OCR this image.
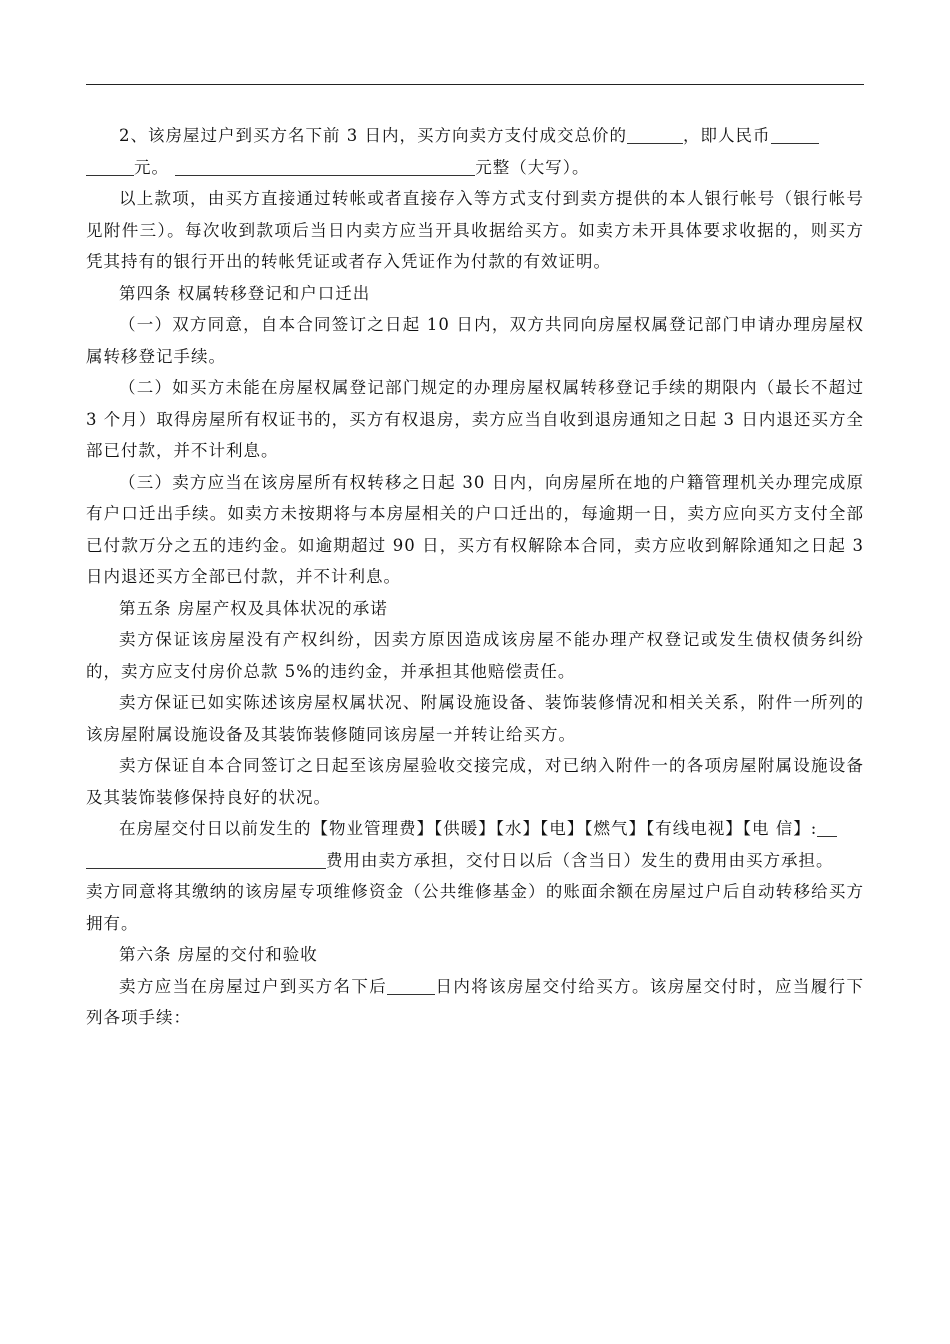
2、该房屋过户到买方名下前 3 日内，买方向卖方支付成交总价的	，即人民币

元。	元整（大写）。

以上款项，由买方直接通过转帐或者直接存入等方式支付到卖方提供的本人银行帐号（银行帐号见附件三）。每次收到款项后当日内卖方应当开具收据给买方。如卖方未开具体要求收据的，则买方凭其持有的银行开出的转帐凭证或者存入凭证作为付款的有效证明。

第四条 权属转移登记和户口迁出

（一）双方同意，自本合同签订之日起 10 日内，双方共同向房屋权属登记部门申请办理房屋权属转移登记手续。

（二）如买方未能在房屋权属登记部门规定的办理房屋权属转移登记手续的期限内（最长不超过 3 个月）取得房屋所有权证书的，买方有权退房，卖方应当自收到退房通知之日起 3 日内退还买方全部已付款，并不计利息。

（三）卖方应当在该房屋所有权转移之日起 30 日内，向房屋所在地的户籍管理机关办理完成原有户口迁出手续。如卖方未按期将与本房屋相关的户口迁出的，每逾期一日，卖方应向买方支付全部已付款万分之五的违约金。如逾期超过 90 日，买方有权解除本合同，卖方应收到解除通知之日起 3 日内退还买方全部已付款，并不计利息。

第五条 房屋产权及具体状况的承诺

卖方保证该房屋没有产权纠纷，因卖方原因造成该房屋不能办理产权登记或发生债权债务纠纷的，卖方应支付房价总款 5%的违约金，并承担其他赔偿责任。

卖方保证已如实陈述该房屋权属状况、附属设施设备、装饰装修情况和相关关系，附件一所列的该房屋附属设施设备及其装饰装修随同该房屋一并转让给买方。

卖方保证自本合同签订之日起至该房屋验收交接完成，对已纳入附件一的各项房屋附属设施设备及其装饰装修保持良好的状况。

在房屋交付日以前发生的【物业管理费】【供暖】【水】【电】【燃气】【有线电视】【电 信】:

费用由卖方承担，交付日以后（含当日）发生的费用由买方承担。

卖方同意将其缴纳的该房屋专项维修资金（公共维修基金）的账面余额在房屋过户后自动转移给买方拥有。

第六条 房屋的交付和验收

卖方应当在房屋过户到买方名下后	日内将该房屋交付给买方。该房屋交付时，应当履行下列各项手续：
